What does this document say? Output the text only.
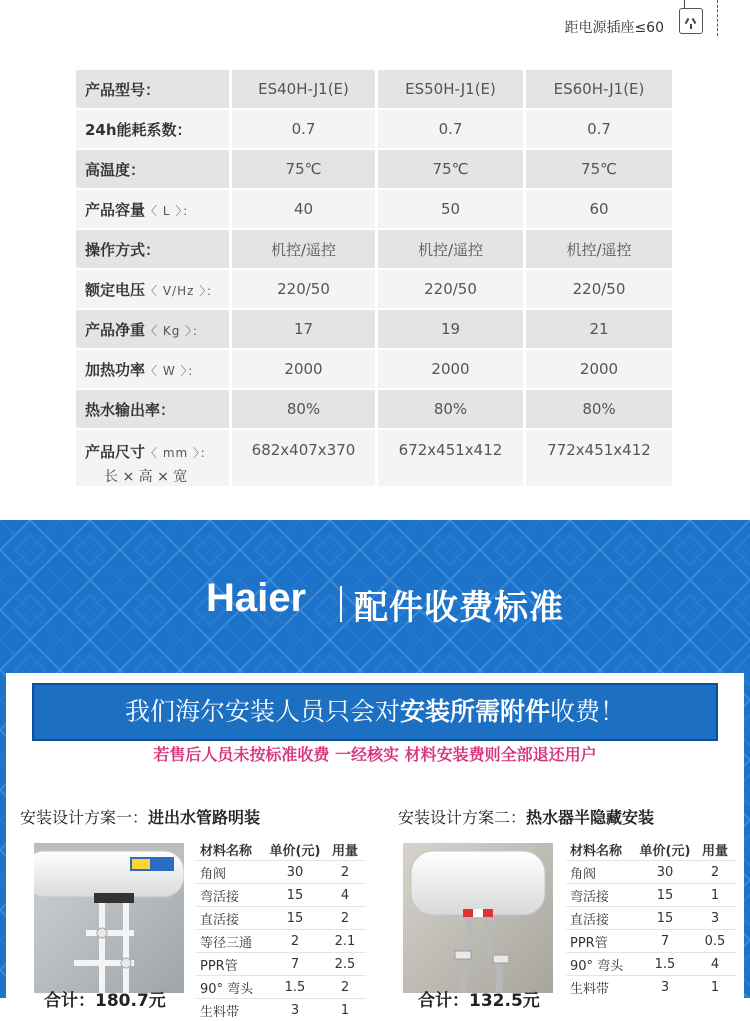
距电源插座≤60
产品型号：	ES40H-J1(E)	ES50H-J1(E)	ES60H-J1(E)
24h能耗系数：	0.7	0.7	0.7
高温度：	75℃	75℃	75℃
产品容量〈 L 〉：	40	50	60
操作方式：	机控/遥控	机控/遥控	机控/遥控
额定电压〈 V/Hz 〉：	220/50	220/50	220/50
产品净重〈 Kg 〉：	17	19	21
加热功率〈 W 〉：	2000	2000	2000
热水输出率：	80%	80%	80%
产品尺寸〈 mm 〉：
长 × 高 × 宽
682x407x370	672x451x412	772x451x412
Haier 配件收费标准
我们海尔安装人员只会对安装所需附件收费！
若售后人员未按标准收费 一经核实 材料安装费则全部退还用户
安装设计方案一：进出水管路明装
材料名称	单价(元) 用量
角阀	30	2
弯活接	15	4
直活接	15	2
等径三通	2	2.1
PPR管	7	2.5
90° 弯头	1.5	2
生料带	3	1
合计：180.7元
安装设计方案二：热水器半隐藏安装
材料名称	单价(元) 用量
角阀	30	2
弯活接	15	1
直活接	15	3
PPR管	7	0.5
90° 弯头	1.5	4
生料带	3	1
合计：132.5元
